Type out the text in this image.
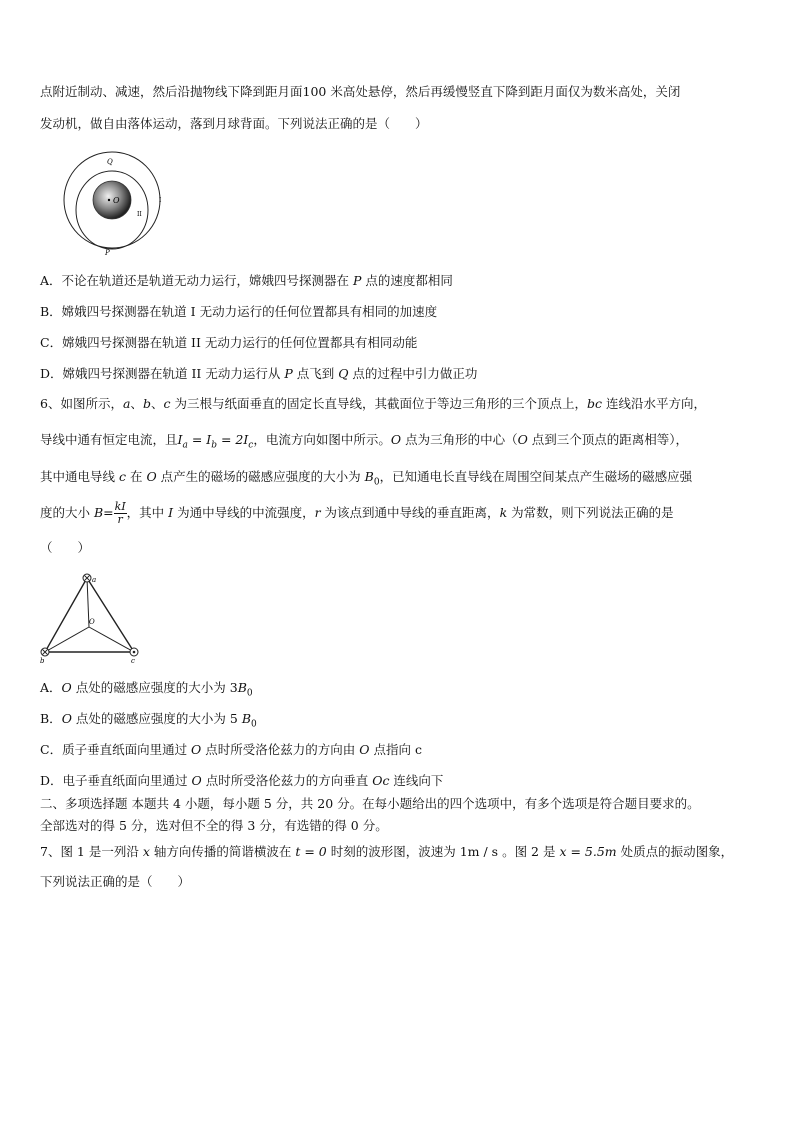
点附近制动、减速，然后沿抛物线下降到距月面100 米高处悬停，然后再缓慢竖直下降到距月面仅为数米高处，关闭
发动机，做自由落体运动，落到月球背面。下列说法正确的是（　　）
O
Q
P
I
II
A．不论在轨道还是轨道无动力运行，嫦娥四号探测器在 P 点的速度都相同
B．嫦娥四号探测器在轨道 I 无动力运行的任何位置都具有相同的加速度
C．嫦娥四号探测器在轨道 II 无动力运行的任何位置都具有相同动能
D．嫦娥四号探测器在轨道 II 无动力运行从 P 点飞到 Q 点的过程中引力做正功
6、如图所示，a、b、c 为三根与纸面垂直的固定长直导线，其截面位于等边三角形的三个顶点上，bc 连线沿水平方向，
导线中通有恒定电流，且$I_a = I_b = 2I_c$，电流方向如图中所示。O 点为三角形的中心（O 点到三个顶点的距离相等），
其中通电导线 c 在 O 点产生的磁场的磁感应强度的大小为 $B_0$，已知通电长直导线在周围空间某点产生磁场的磁感应强
度的大小 $B= \frac{kI}{r}$ ，其中 I 为通中导线的中流强度，r 为该点到通中导线的垂直距离，k 为常数，则下列说法正确的是
（　　）
a
b	c
O
A．O 点处的磁感应强度的大小为 $3B_0$
B．O 点处的磁感应强度的大小为 5 $B_0$
C．质子垂直纸面向里通过 O 点时所受洛伦兹力的方向由 O 点指向 c
D．电子垂直纸面向里通过 O 点时所受洛伦兹力的方向垂直 Oc 连线向下
二、多项选择题 本题共 4 小题，每小题 5 分，共 20 分。在每小题给出的四个选项中，有多个选项是符合题目要求的。
全部选对的得 5 分，选对但不全的得 3 分，有选错的得 0 分。
7、图 1 是一列沿 x 轴方向传播的简谐横波在 t = 0 时刻的波形图，波速为 1m / s 。图 2 是 x = 5.5m 处质点的振动图象，
下列说法正确的是（　　）
